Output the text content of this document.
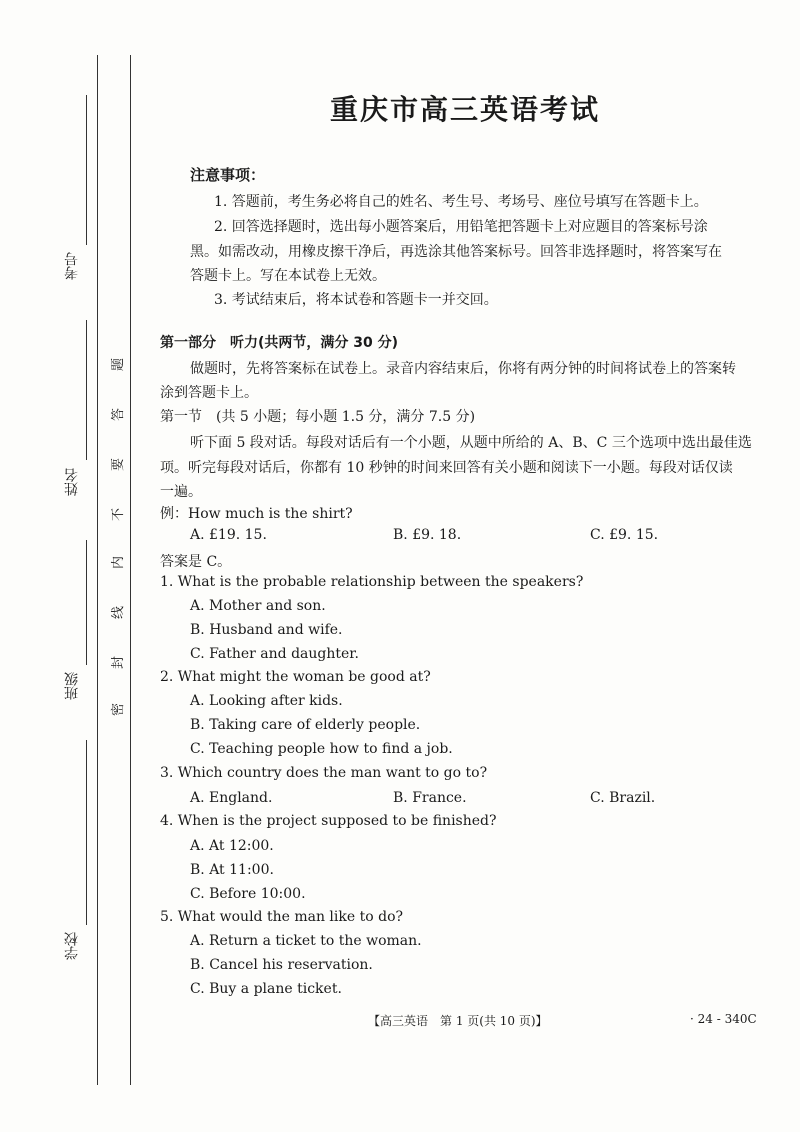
考号
姓名
班级
学校
题
答
要
不
内
线
封
密
重庆市高三英语考试
注意事项：
1. 答题前，考生务必将自己的姓名、考生号、考场号、座位号填写在答题卡上。
2. 回答选择题时，选出每小题答案后，用铅笔把答题卡上对应题目的答案标号涂
黑。如需改动，用橡皮擦干净后，再选涂其他答案标号。回答非选择题时，将答案写在
答题卡上。写在本试卷上无效。
3. 考试结束后，将本试卷和答题卡一并交回。
第一部分　听力(共两节，满分 30 分)
做题时，先将答案标在试卷上。录音内容结束后，你将有两分钟的时间将试卷上的答案转
涂到答题卡上。
第一节　(共 5 小题；每小题 1.5 分，满分 7.5 分)
听下面 5 段对话。每段对话后有一个小题，从题中所给的 A、B、C 三个选项中选出最佳选
项。听完每段对话后，你都有 10 秒钟的时间来回答有关小题和阅读下一小题。每段对话仅读
一遍。
例：How much is the shirt?
A. £19. 15.	B. £9. 18.	C. £9. 15.
答案是 C。
1. What is the probable relationship between the speakers?
A. Mother and son.
B. Husband and wife.
C. Father and daughter.
2. What might the woman be good at?
A. Looking after kids.
B. Taking care of elderly people.
C. Teaching people how to find a job.
3. Which country does the man want to go to?
A. England.	B. France.	C. Brazil.
4. When is the project supposed to be finished?
A. At 12:00.
B. At 11:00.
C. Before 10:00.
5. What would the man like to do?
A. Return a ticket to the woman.
B. Cancel his reservation.
C. Buy a plane ticket.
【高三英语　第 1 页(共 10 页)】	· 24 - 340C
